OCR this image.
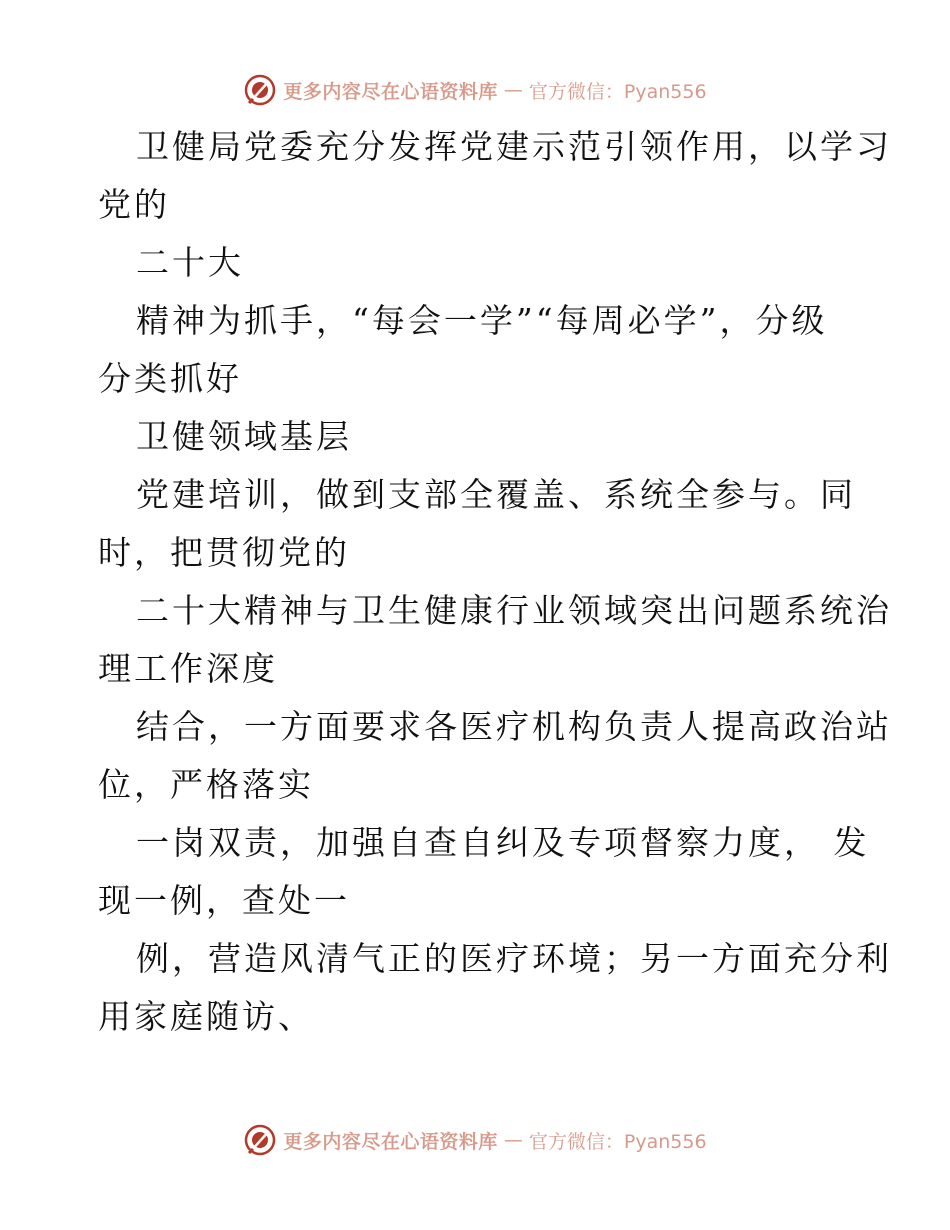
更多内容尽在心语资料库 — 官方微信：Pyan556
卫健局党委充分发挥党建示范引领作用，以学习
党的
二十大
精神为抓手，“每会一学”“每周必学”，分级
分类抓好
卫健领域基层
党建培训，做到支部全覆盖、系统全参与。同
时，把贯彻党的
二十大精神与卫生健康行业领域突出问题系统治
理工作深度
结合，一方面要求各医疗机构负责人提高政治站
位，严格落实
一岗双责，加强自查自纠及专项督察力度， 发
现一例，查处一
例，营造风清气正的医疗环境；另一方面充分利
用家庭随访、
更多内容尽在心语资料库 — 官方微信：Pyan556
